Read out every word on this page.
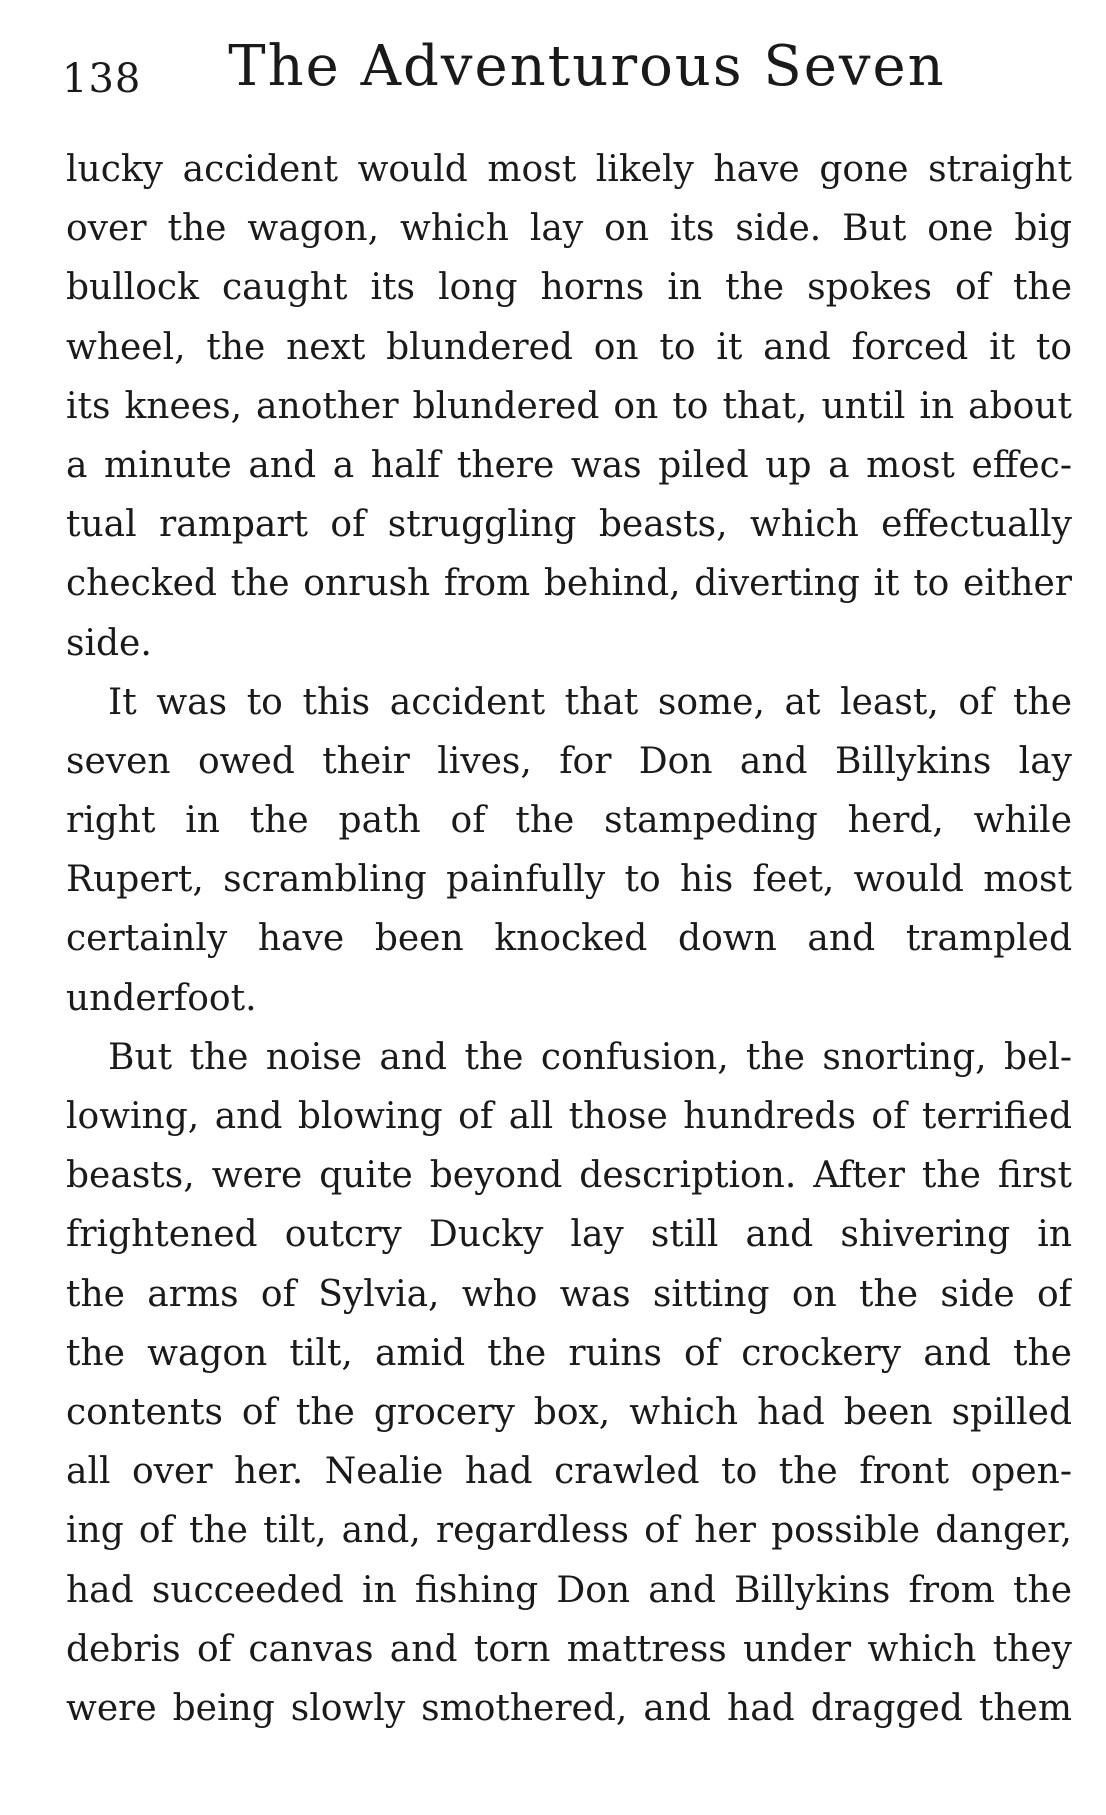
138	The Adventurous Seven
lucky accident would most likely have gone straight
over the wagon, which lay on its side. But one big
bullock caught its long horns in the spokes of the
wheel, the next blundered on to it and forced it to
its knees, another blundered on to that, until in about
a minute and a half there was piled up a most effec-
tual rampart of struggling beasts, which effectually
checked the onrush from behind, diverting it to either
side.
It was to this accident that some, at least, of the
seven owed their lives, for Don and Billykins lay
right in the path of the stampeding herd, while
Rupert, scrambling painfully to his feet, would most
certainly have been knocked down and trampled
underfoot.
But the noise and the confusion, the snorting, bel-
lowing, and blowing of all those hundreds of terrified
beasts, were quite beyond description. After the first
frightened outcry Ducky lay still and shivering in
the arms of Sylvia, who was sitting on the side of
the wagon tilt, amid the ruins of crockery and the
contents of the grocery box, which had been spilled
all over her. Nealie had crawled to the front open-
ing of the tilt, and, regardless of her possible danger,
had succeeded in fishing Don and Billykins from the
debris of canvas and torn mattress under which they
were being slowly smothered, and had dragged them
